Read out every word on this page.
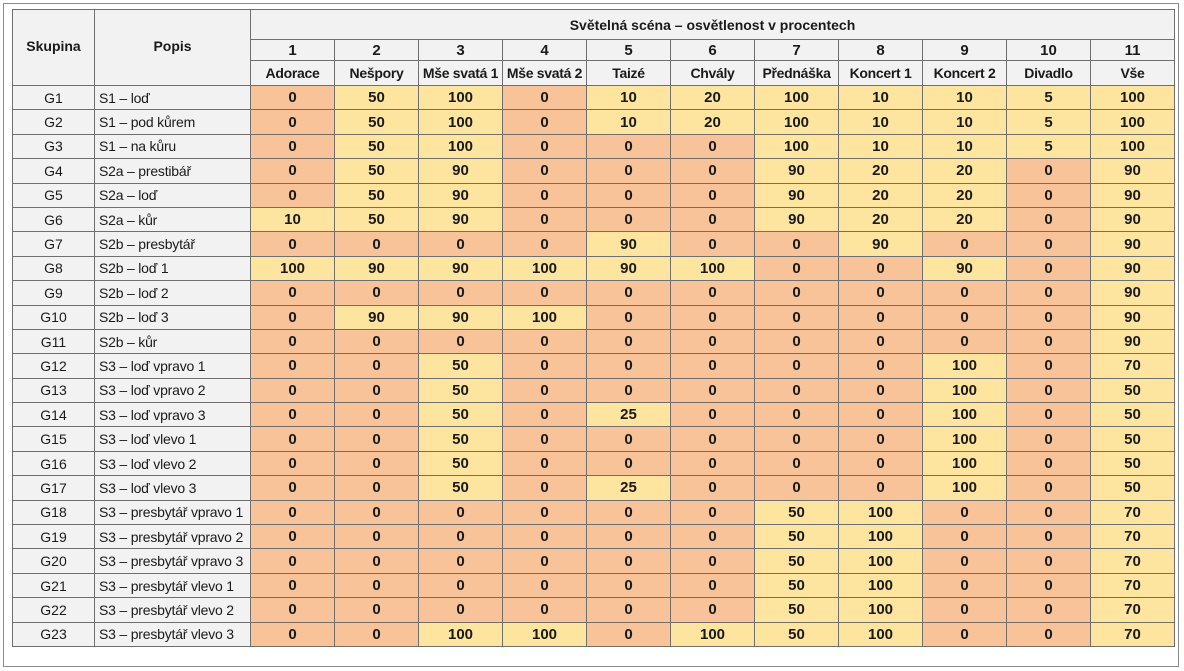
Skupina	Popis	Světelná scéna – osvětlenost v procentech										
		1	2	3	4	5	6	7	8	9	10	11
		Adorace	Nešpory	Mše svatá 1	Mše svatá 2	Taizé	Chvály	Přednáška	Koncert 1	Koncert 2	Divadlo	Vše
G1	S1 – loď	0	50	100	0	10	20	100	10	10	5	100
G2	S1 – pod kůrem	0	50	100	0	10	20	100	10	10	5	100
G3	S1 – na kůru	0	50	100	0	0	0	100	10	10	5	100
G4	S2a – prestibář	0	50	90	0	0	0	90	20	20	0	90
G5	S2a – loď	0	50	90	0	0	0	90	20	20	0	90
G6	S2a – kůr	10	50	90	0	0	0	90	20	20	0	90
G7	S2b – presbytář	0	0	0	0	90	0	0	90	0	0	90
G8	S2b – loď 1	100	90	90	100	90	100	0	0	90	0	90
G9	S2b – loď 2	0	0	0	0	0	0	0	0	0	0	90
G10	S2b – loď 3	0	90	90	100	0	0	0	0	0	0	90
G11	S2b – kůr	0	0	0	0	0	0	0	0	0	0	90
G12	S3 – loď vpravo 1	0	0	50	0	0	0	0	0	100	0	70
G13	S3 – loď vpravo 2	0	0	50	0	0	0	0	0	100	0	50
G14	S3 – loď vpravo 3	0	0	50	0	25	0	0	0	100	0	50
G15	S3 – loď vlevo 1	0	0	50	0	0	0	0	0	100	0	50
G16	S3 – loď vlevo 2	0	0	50	0	0	0	0	0	100	0	50
G17	S3 – loď vlevo 3	0	0	50	0	25	0	0	0	100	0	50
G18	S3 – presbytář vpravo 1	0	0	0	0	0	0	50	100	0	0	70
G19	S3 – presbytář vpravo 2	0	0	0	0	0	0	50	100	0	0	70
G20	S3 – presbytář vpravo 3	0	0	0	0	0	0	50	100	0	0	70
G21	S3 – presbytář vlevo 1	0	0	0	0	0	0	50	100	0	0	70
G22	S3 – presbytář vlevo 2	0	0	0	0	0	0	50	100	0	0	70
G23	S3 – presbytář vlevo 3	0	0	100	100	0	100	50	100	0	0	70
